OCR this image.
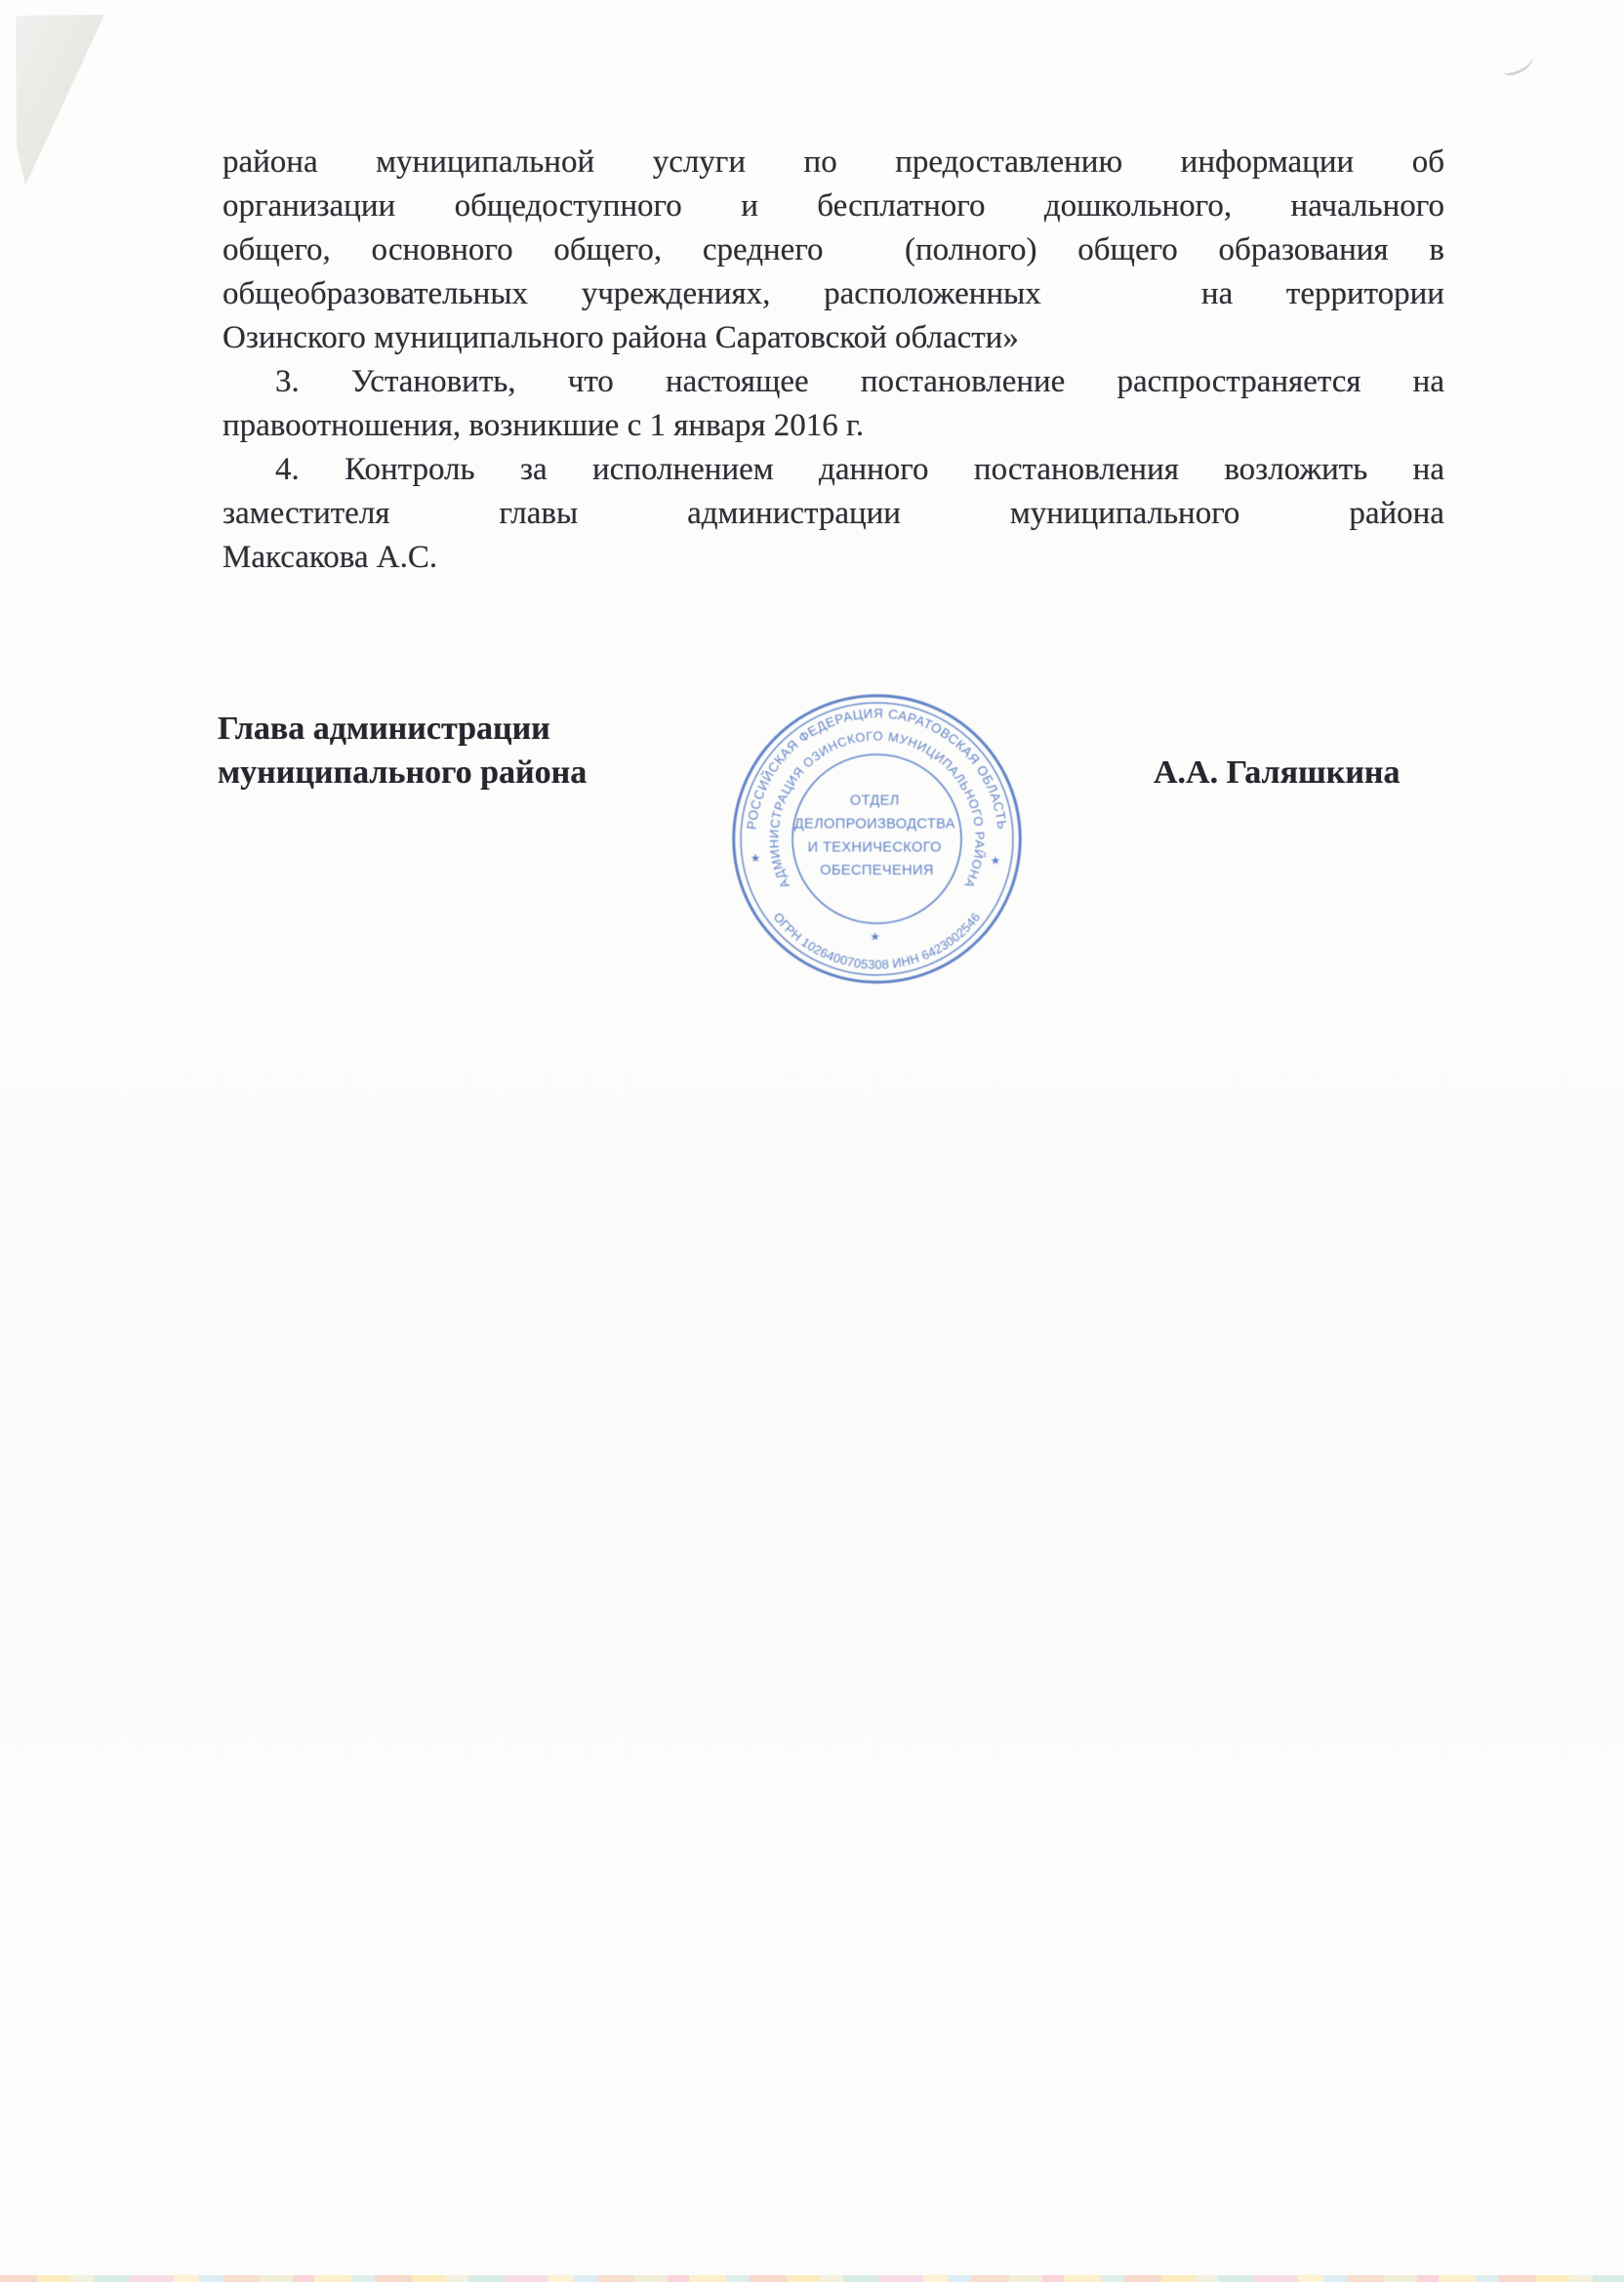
района муниципальной услуги по предоставлению информации об
организации общедоступного и бесплатного дошкольного, начального
общего, основного общего, среднего	(полного) общего образования в
общеобразовательных учреждениях, расположенных	на территории
Озинского муниципального района Саратовской области»
3. Установить, что настоящее постановление распространяется на
правоотношения, возникшие с 1 января 2016 г.
4. Контроль за исполнением данного постановления возложить на
заместителя	главы	администрации	муниципального	района
Максакова А.С.
Глава администрации
муниципального района	А.А. Галяшкина
РОССИЙСКАЯ ФЕДЕРАЦИЯ САРАТОВСКАЯ ОБЛАСТЬ
ОГРН 1026400705308 ИНН 6423002546
АДМИНИСТРАЦИЯ ОЗИНСКОГО МУНИЦИПАЛЬНОГО РАЙОНА
★	★
★
ОТДЕЛ ДЕЛОПРОИЗВОДСТВА И ТЕХНИЧЕСКОГО ОБЕСПЕЧЕНИЯ
